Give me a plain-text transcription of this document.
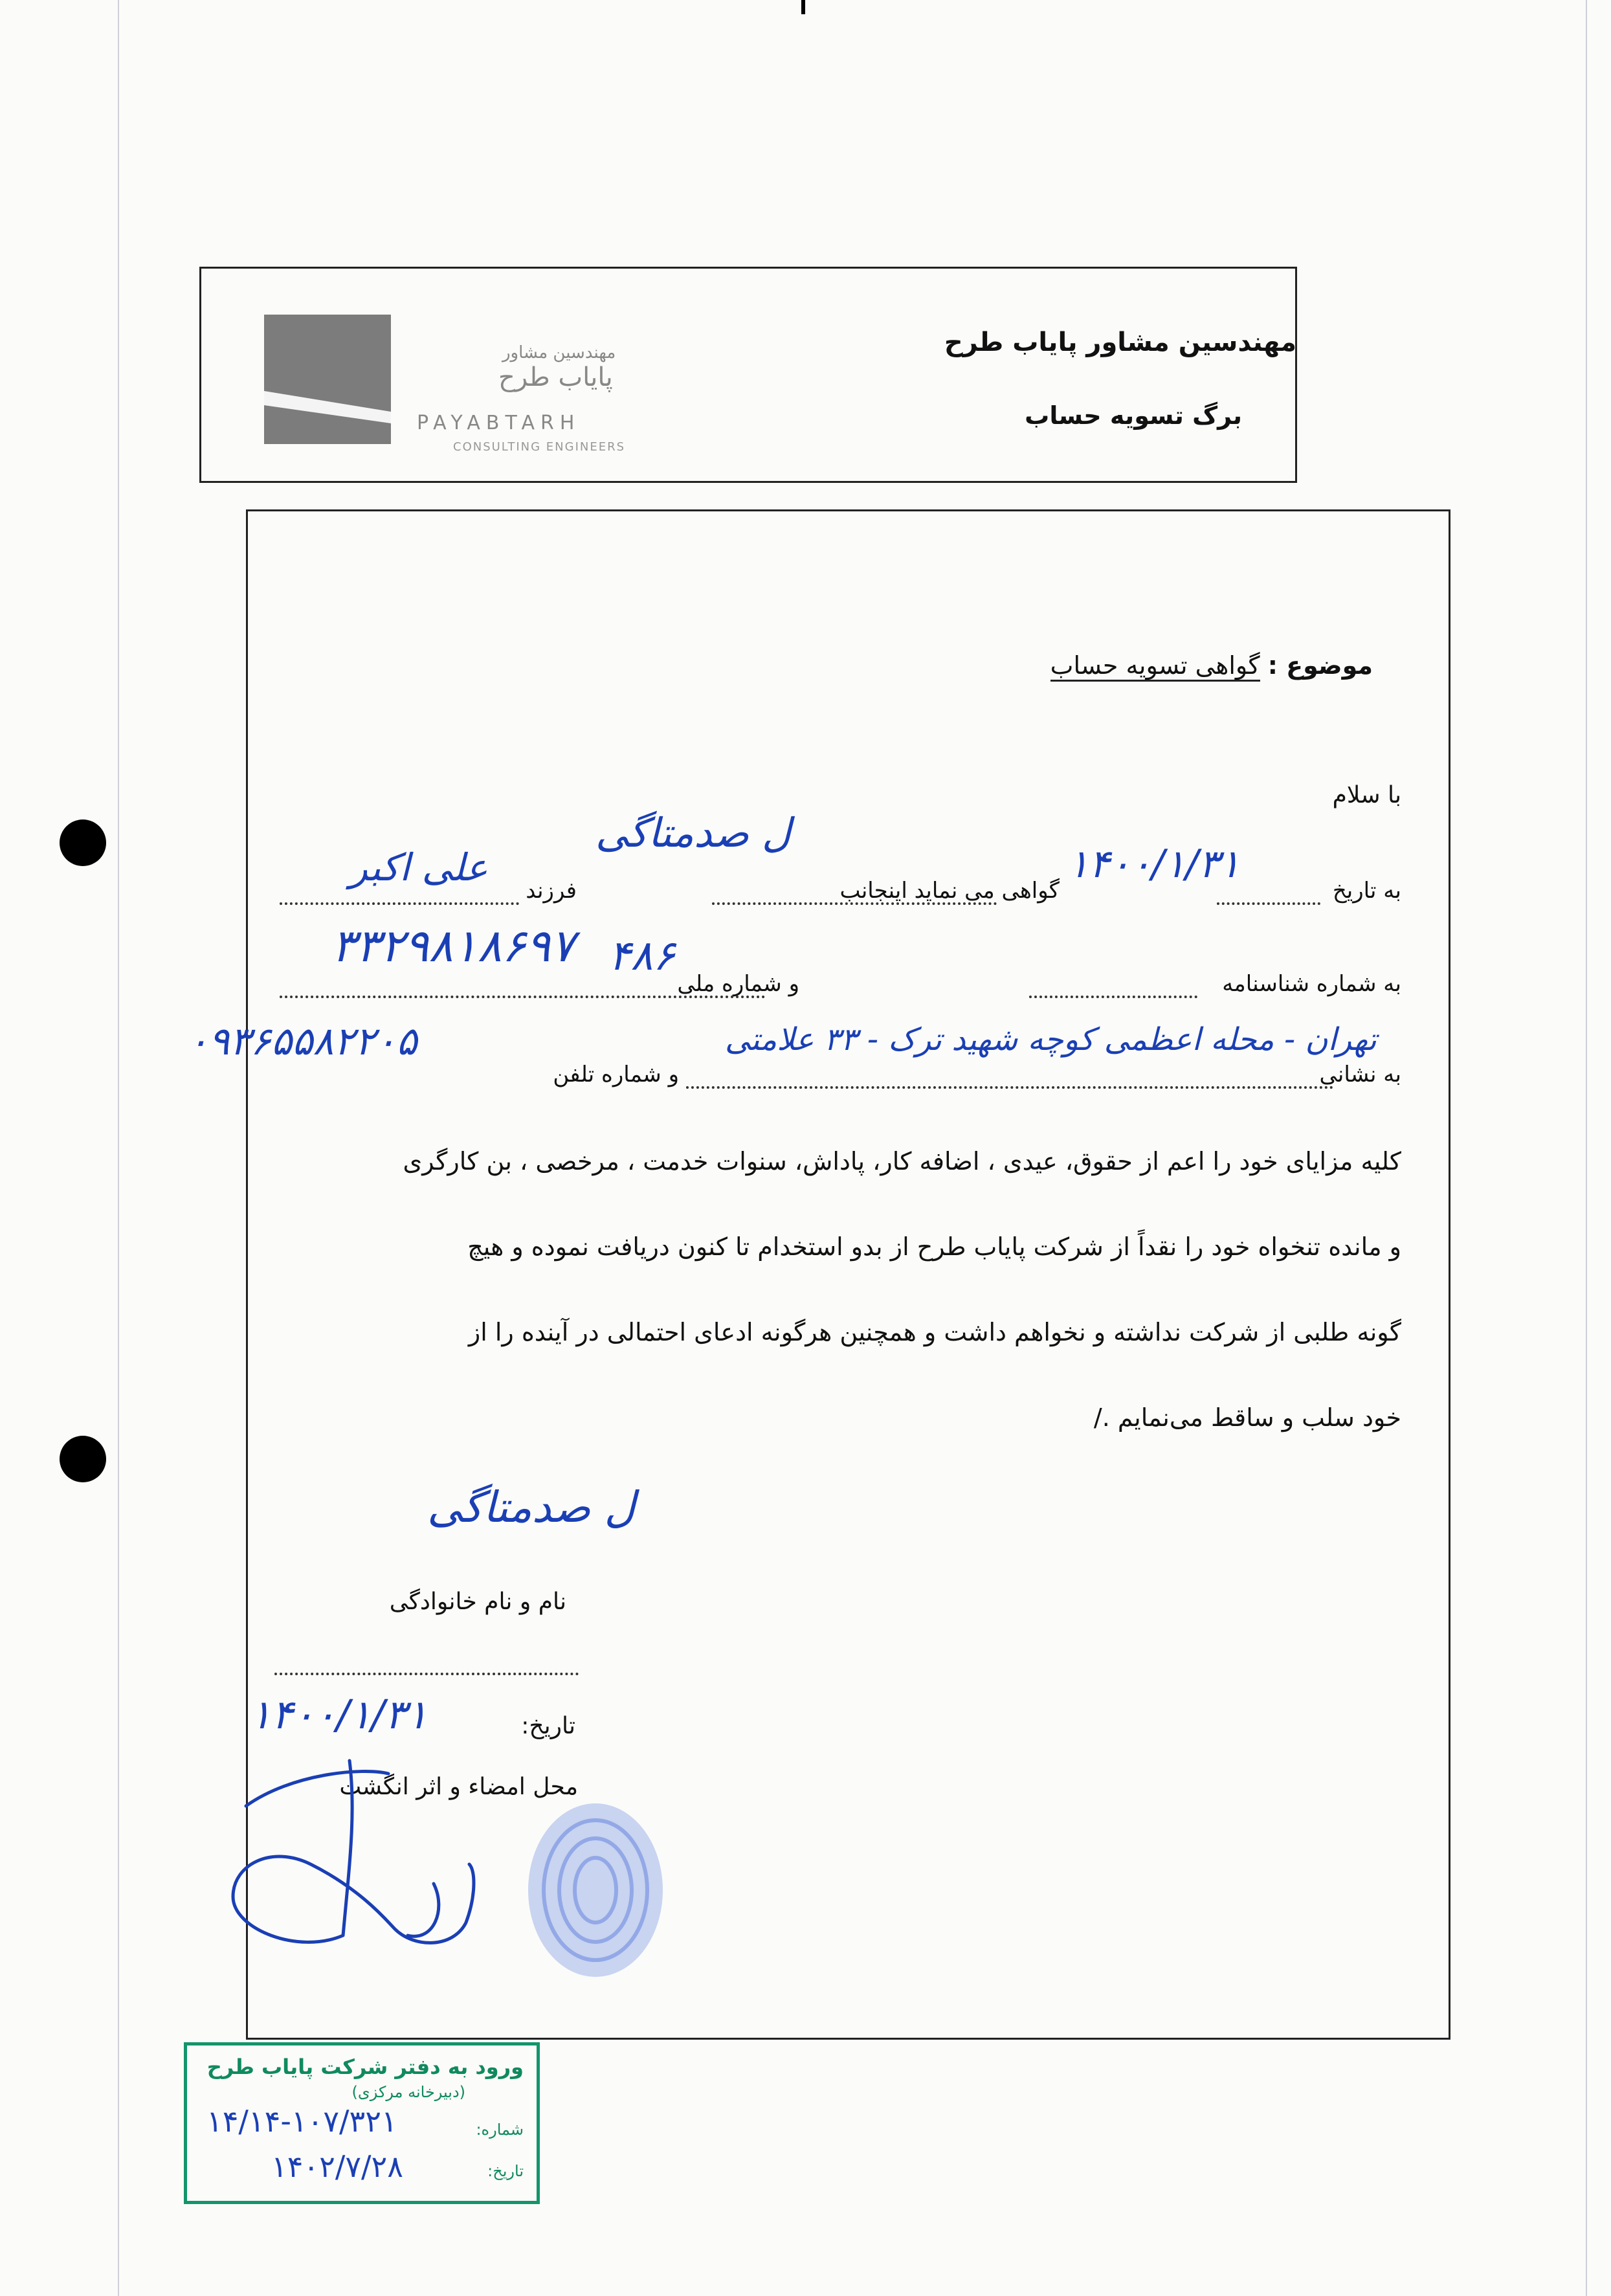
مهندسین مشاور
پایاب طرح
PAYABTARH
CONSULTING ENGINEERS
مهندسین مشاور پایاب طرح
برگ تسویه حساب
موضوع : گواهی تسویه حساب
با سلام
به تاریخ
۱۴۰۰/۱/۳۱
گواهی می نماید اینجانب
ل صدمتاگی
فرزند
علی اکبر
به شماره شناسنامه
۴۸۶
و شماره ملی
۳۳۲۹۸۱۸۶۹۷
به نشانی
تهران - محله اعظمی کوچه شهید ترک - ۳۳ علامتی
و شماره تلفن
۰۹۳۶۵۵۸۲۲۰۵
کلیه مزایای خود را اعم از حقوق، عیدی ، اضافه کار، پاداش، سنوات خدمت ، مرخصی ، بن کارگری
و مانده تنخواه خود را نقداً از شرکت پایاب طرح از بدو استخدام تا کنون دریافت نموده و هیچ
گونه طلبی از شرکت نداشته و نخواهم داشت و همچنین هرگونه ادعای احتمالی در آینده را از
خود سلب و ساقط می‌نمایم ./
ل صدمتاگی
نام و نام خانوادگی
تاریخ:
۱۴۰۰/۱/۳۱
محل امضاء و اثر انگشت
ورود به دفتر شرکت پایاب طرح
(دبیرخانه مرکزی)
شماره:
۱۴/۱۴-۱۰۷/۳۲۱
تاریخ:
۱۴۰۲/۷/۲۸
